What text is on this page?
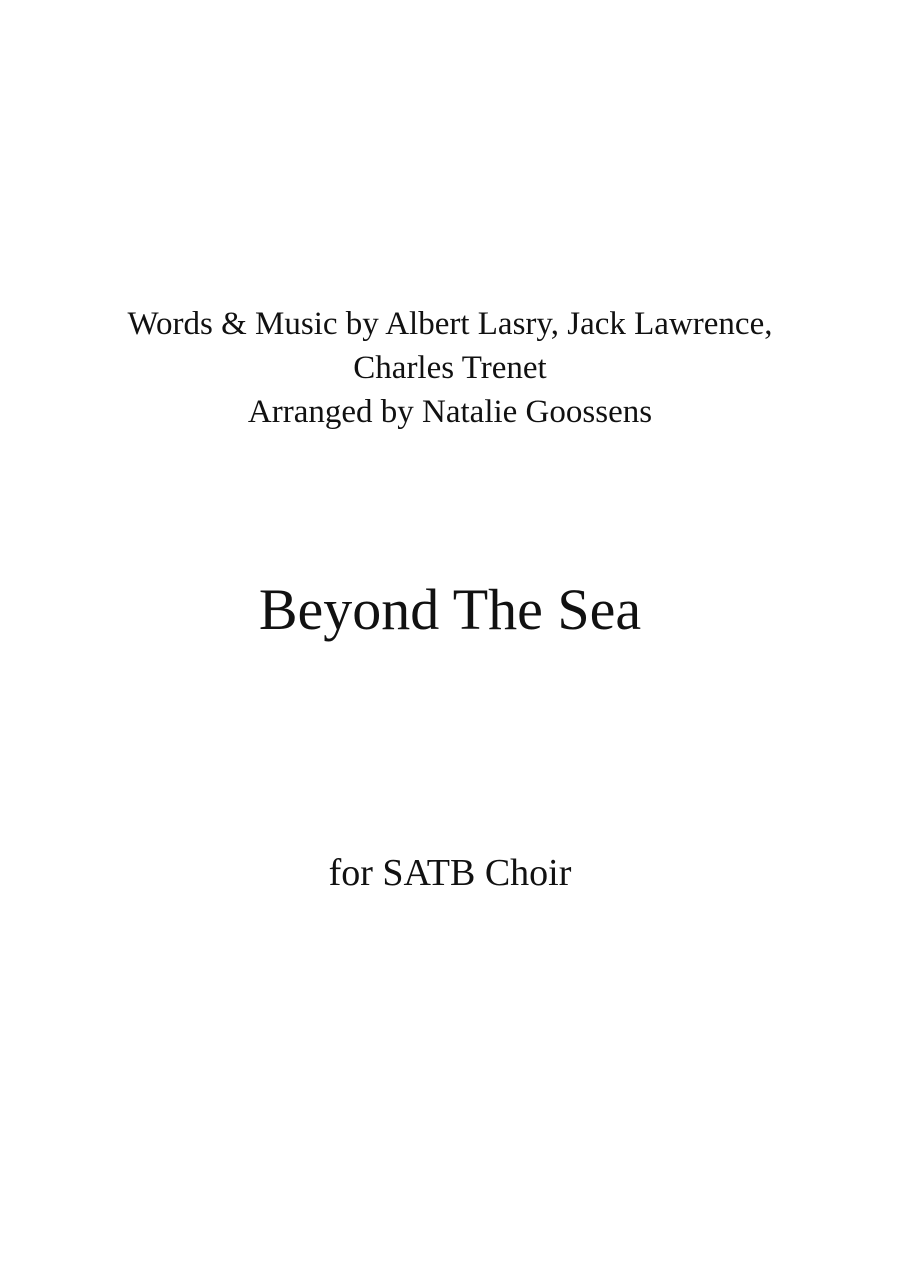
Words & Music by Albert Lasry, Jack Lawrence,
Charles Trenet
Arranged by Natalie Goossens
Beyond The Sea
for SATB Choir
